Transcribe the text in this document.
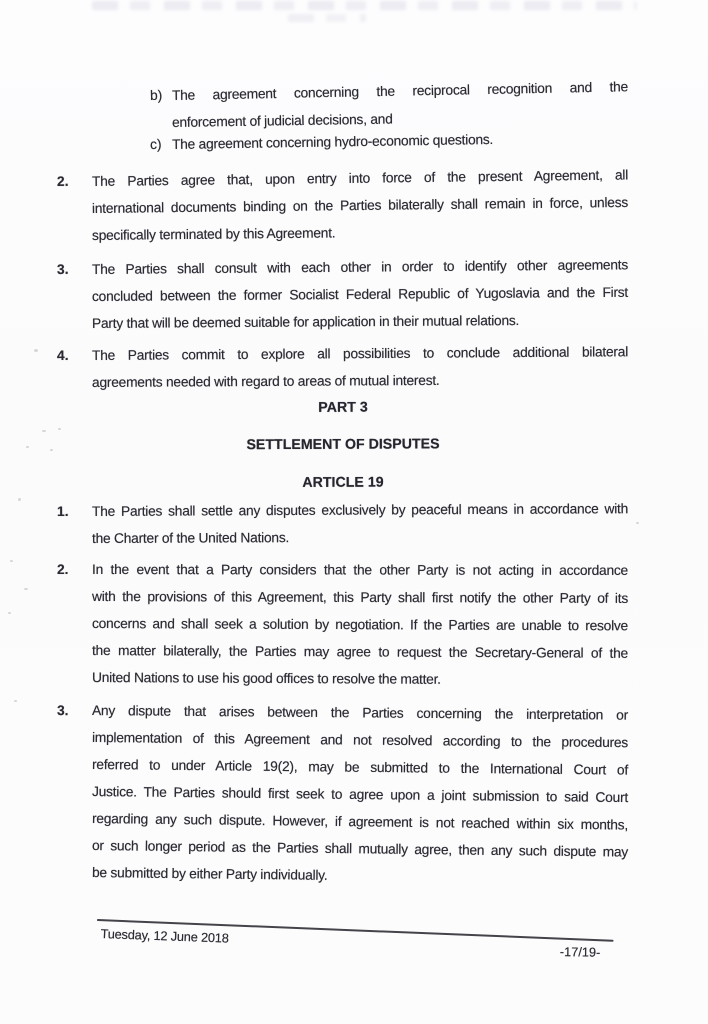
b) The agreement concerning the reciprocal recognition and the
enforcement of judicial decisions, and
c) The agreement concerning hydro-economic questions.
2. The Parties agree that, upon entry into force of the present Agreement, all
international documents binding on the Parties bilaterally shall remain in force, unless
specifically terminated by this Agreement.
3. The Parties shall consult with each other in order to identify other agreements
concluded between the former Socialist Federal Republic of Yugoslavia and the First
Party that will be deemed suitable for application in their mutual relations.
4. The Parties commit to explore all possibilities to conclude additional bilateral
agreements needed with regard to areas of mutual interest.
PART 3
SETTLEMENT OF DISPUTES
ARTICLE 19
1. The Parties shall settle any disputes exclusively by peaceful means in accordance with
the Charter of the United Nations.
2. In the event that a Party considers that the other Party is not acting in accordance
with the provisions of this Agreement, this Party shall first notify the other Party of its
concerns and shall seek a solution by negotiation. If the Parties are unable to resolve
the matter bilaterally, the Parties may agree to request the Secretary-General of the
United Nations to use his good offices to resolve the matter.
3. Any dispute that arises between the Parties concerning the interpretation or
implementation of this Agreement and not resolved according to the procedures
referred to under Article 19(2), may be submitted to the International Court of
Justice. The Parties should first seek to agree upon a joint submission to said Court
regarding any such dispute. However, if agreement is not reached within six months,
or such longer period as the Parties shall mutually agree, then any such dispute may
be submitted by either Party individually.
Tuesday, 12 June 2018
-17/19-
